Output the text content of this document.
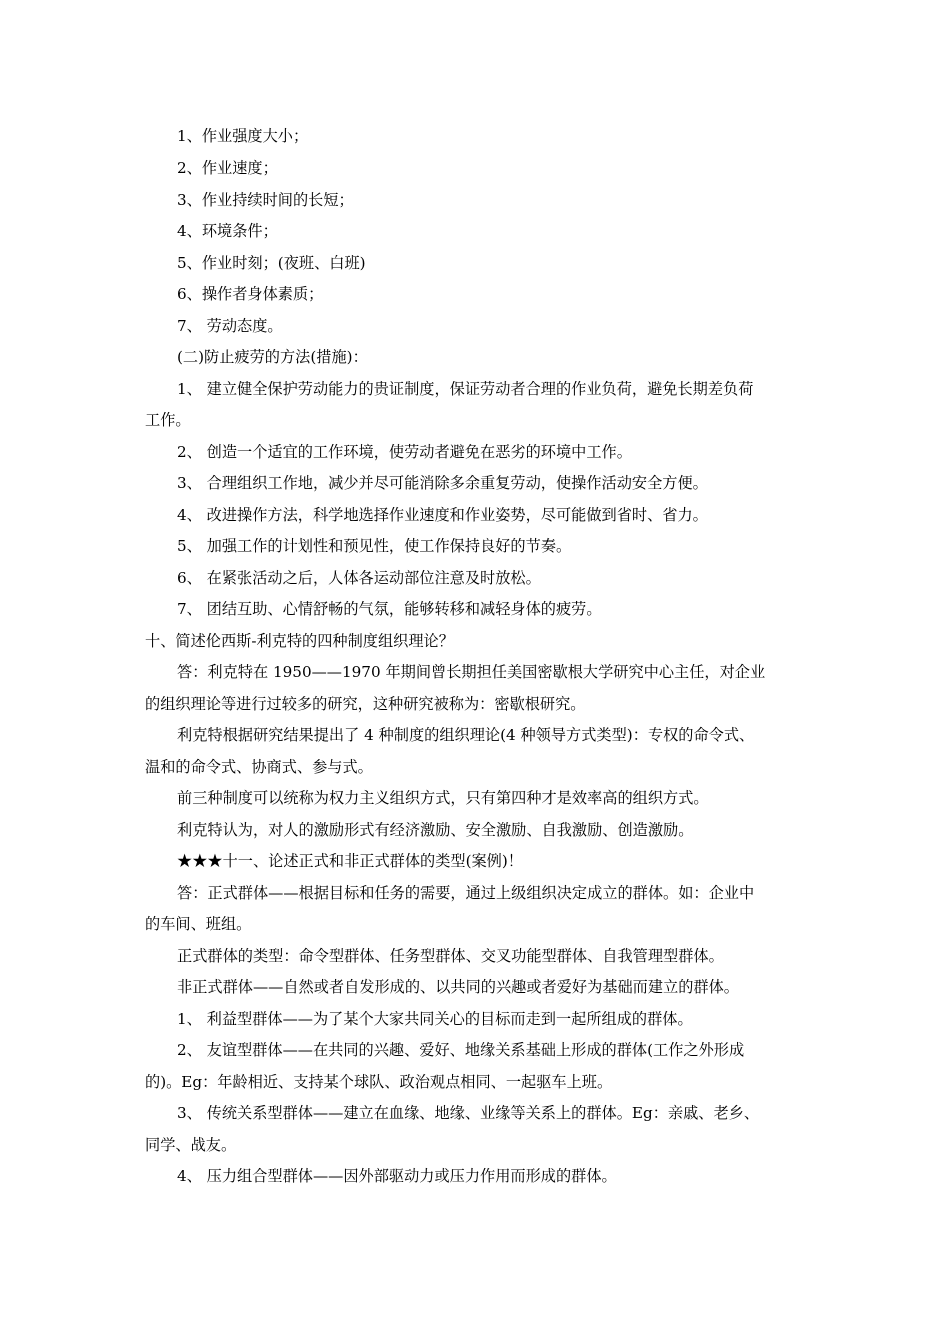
1、作业强度大小；
2、作业速度；
3、作业持续时间的长短；
4、环境条件；
5、作业时刻；(夜班、白班)
6、操作者身体素质；
7、 劳动态度。
(二)防止疲劳的方法(措施)：
1、 建立健全保护劳动能力的贵证制度，保证劳动者合理的作业负荷，避免长期差负荷
工作。
2、 创造一个适宜的工作环境，使劳动者避免在恶劣的环境中工作。
3、 合理组织工作地，减少并尽可能消除多余重复劳动，使操作活动安全方便。
4、 改进操作方法，科学地选择作业速度和作业姿势，尽可能做到省时、省力。
5、 加强工作的计划性和预见性，使工作保持良好的节奏。
6、 在紧张活动之后，人体各运动部位注意及时放松。
7、 团结互助、心情舒畅的气氛，能够转移和减轻身体的疲劳。
十、简述伦西斯-利克特的四种制度组织理论？
答：利克特在 1950——1970 年期间曾长期担任美国密歇根大学研究中心主任，对企业
的组织理论等进行过较多的研究，这种研究被称为：密歇根研究。
利克特根据研究结果提出了 4 种制度的组织理论(4 种领导方式类型)：专权的命令式、
温和的命令式、协商式、参与式。
前三种制度可以统称为权力主义组织方式，只有第四种才是效率高的组织方式。
利克特认为，对人的激励形式有经济激励、安全激励、自我激励、创造激励。
★★★十一、论述正式和非正式群体的类型(案例)！
答：正式群体——根据目标和任务的需要，通过上级组织决定成立的群体。如：企业中
的车间、班组。
正式群体的类型：命令型群体、任务型群体、交叉功能型群体、自我管理型群体。
非正式群体——自然或者自发形成的、以共同的兴趣或者爱好为基础而建立的群体。
1、 利益型群体——为了某个大家共同关心的目标而走到一起所组成的群体。
2、 友谊型群体——在共同的兴趣、爱好、地缘关系基础上形成的群体(工作之外形成
的)。Eg：年龄相近、支持某个球队、政治观点相同、一起驱车上班。
3、 传统关系型群体——建立在血缘、地缘、业缘等关系上的群体。Eg：亲戚、老乡、
同学、战友。
4、 压力组合型群体——因外部驱动力或压力作用而形成的群体。
